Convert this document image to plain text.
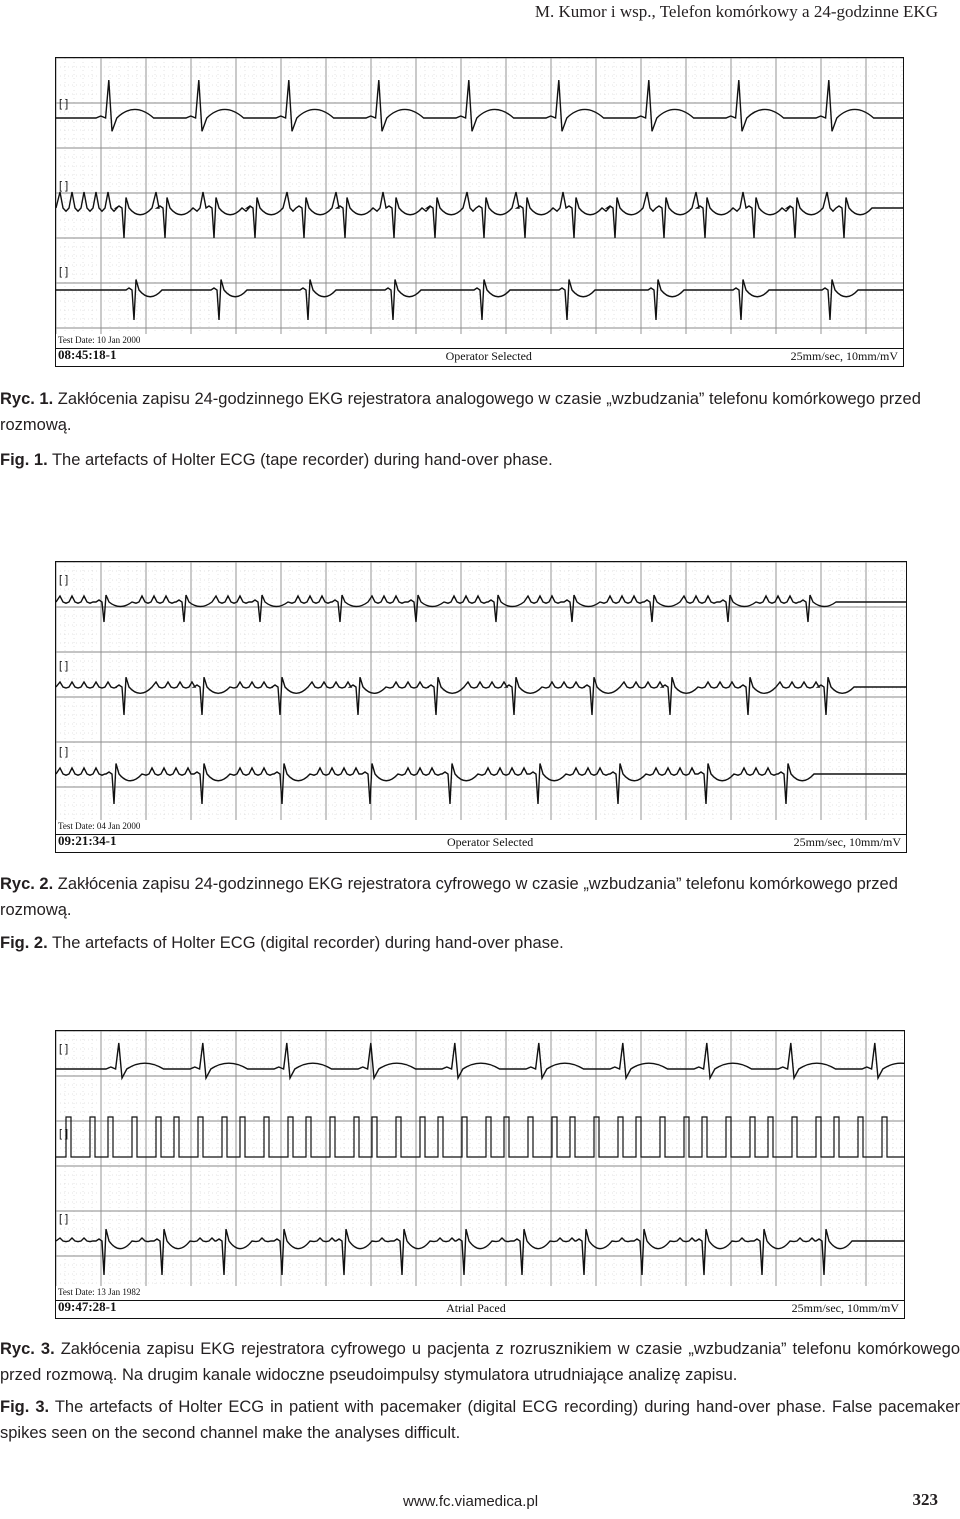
M. Kumor i wsp., Telefon komórkowy a 24-godzinne EKG
[ ]
[ ]
[ ]
Test Date: 10 Jan 2000
08:45:18-1	Operator Selected	25mm/sec, 10mm/mV

Ryc. 1. Zakłócenia zapisu 24-godzinnego EKG rejestratora analogowego w czasie „wzbudzania” telefonu komórkowego przed rozmową.

Fig. 1. The artefacts of Holter ECG (tape recorder) during hand-over phase.

[ ]
[ ]
[ ]
Test Date: 04 Jan 2000
09:21:34-1	Operator Selected	25mm/sec, 10mm/mV

Ryc. 2. Zakłócenia zapisu 24-godzinnego EKG rejestratora cyfrowego w czasie „wzbudzania” telefonu komórkowego przed rozmową.

Fig. 2. The artefacts of Holter ECG (digital recorder) during hand-over phase.

[ ]
[ ]
[ ]
Test Date: 13 Jan 1982
09:47:28-1	Atrial Paced	25mm/sec, 10mm/mV

Ryc. 3. Zakłócenia zapisu EKG rejestratora cyfrowego u pacjenta z rozrusznikiem w czasie „wzbudzania” telefonu komórkowego przed rozmową. Na drugim kanale widoczne pseudoimpulsy stymulatora utrudniające analizę zapisu.

Fig. 3. The artefacts of Holter ECG in patient with pacemaker (digital ECG recording) during hand-over phase. False pacemaker spikes seen on the second channel make the analyses difficult.

www.fc.viamedica.pl	323
